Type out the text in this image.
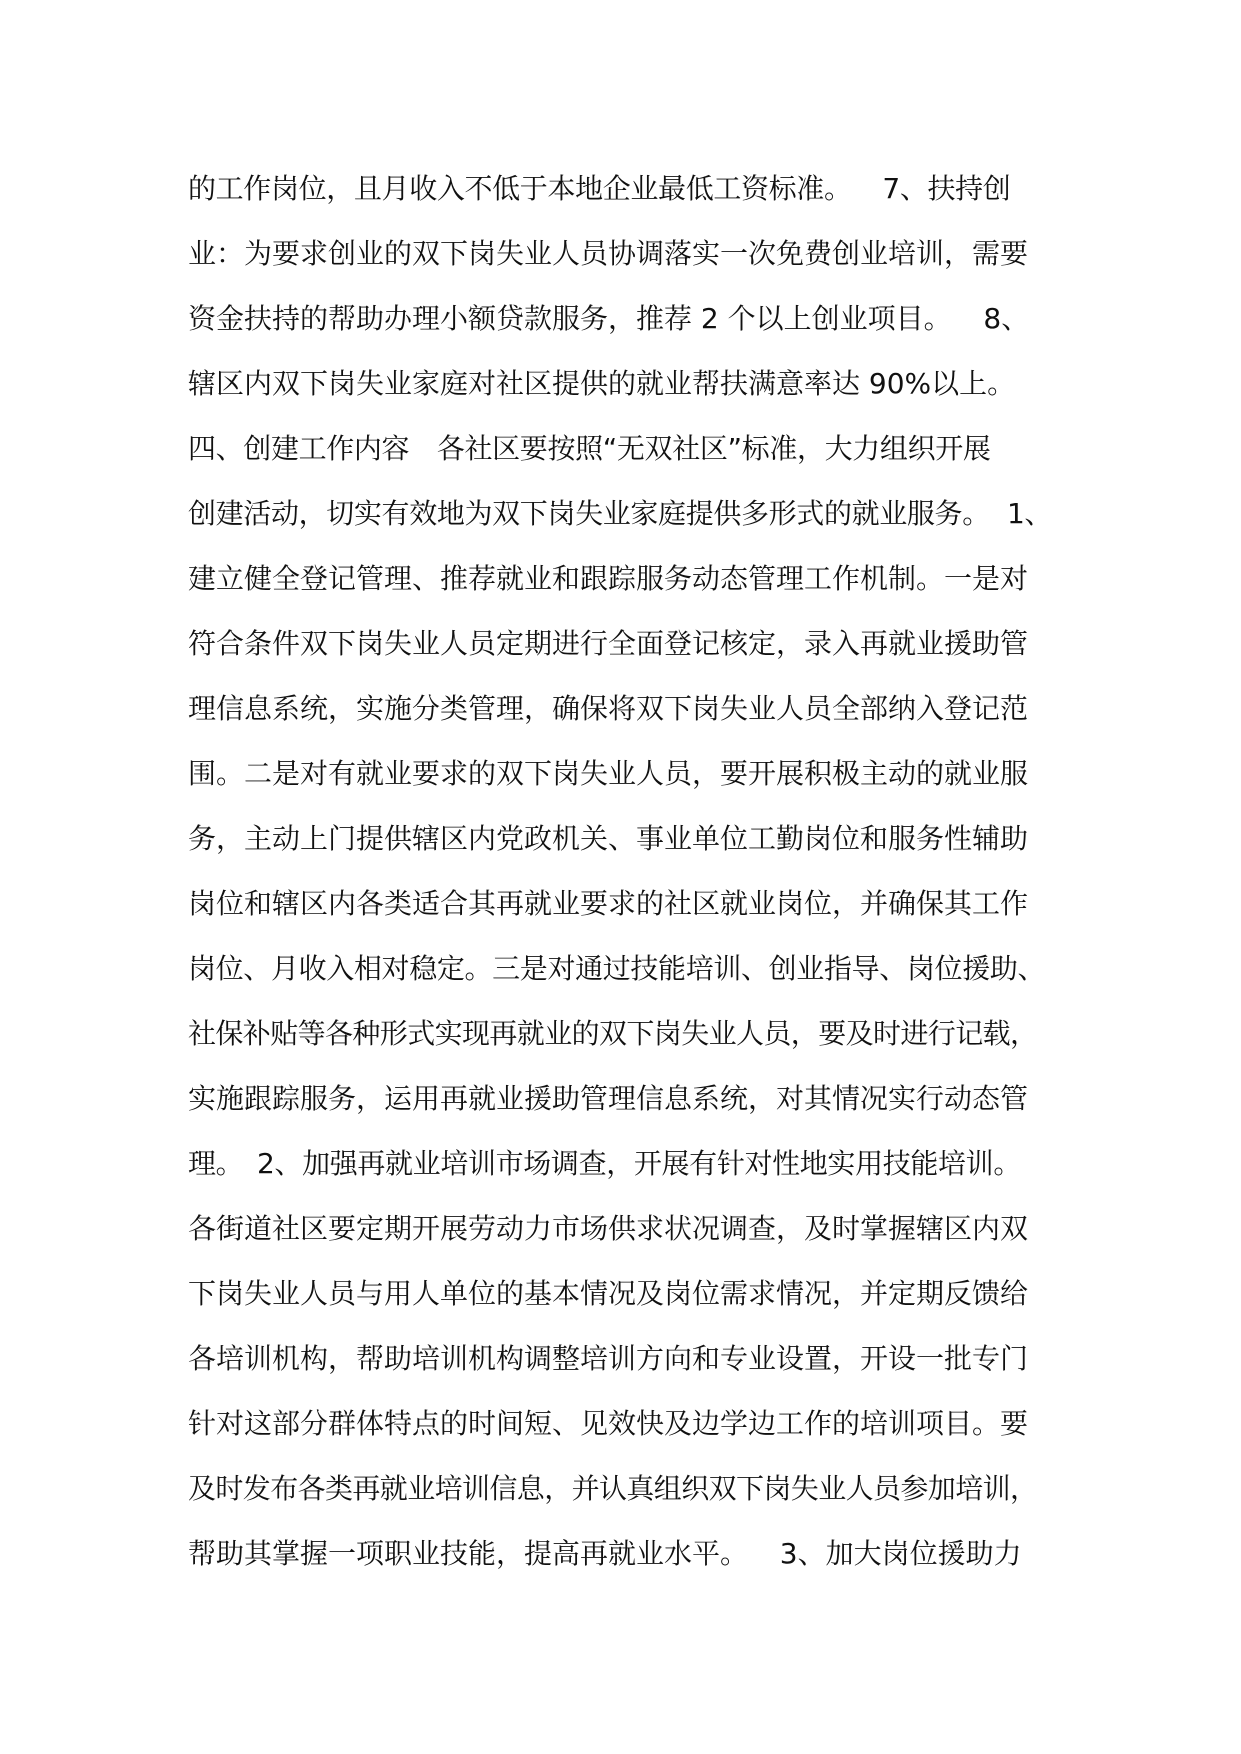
的工作岗位，且月收入不低于本地企业最低工资标准。　  7、扶持创
业：为要求创业的双下岗失业人员协调落实一次免费创业培训，需要
资金扶持的帮助办理小额贷款服务，推荐 2 个以上创业项目。　  8、
辖区内双下岗失业家庭对社区提供的就业帮扶满意率达 90%以上。
四、创建工作内容　各社区要按照“无双社区”标准，大力组织开展
创建活动，切实有效地为双下岗失业家庭提供多形式的就业服务。  1、
建立健全登记管理、推荐就业和跟踪服务动态管理工作机制。一是对
符合条件双下岗失业人员定期进行全面登记核定，录入再就业援助管
理信息系统，实施分类管理，确保将双下岗失业人员全部纳入登记范
围。二是对有就业要求的双下岗失业人员，要开展积极主动的就业服
务，主动上门提供辖区内党政机关、事业单位工勤岗位和服务性辅助
岗位和辖区内各类适合其再就业要求的社区就业岗位，并确保其工作
岗位、月收入相对稳定。三是对通过技能培训、创业指导、岗位援助、
社保补贴等各种形式实现再就业的双下岗失业人员，要及时进行记载，
实施跟踪服务，运用再就业援助管理信息系统，对其情况实行动态管
理。　2、加强再就业培训市场调查，开展有针对性地实用技能培训。
各街道社区要定期开展劳动力市场供求状况调查，及时掌握辖区内双
下岗失业人员与用人单位的基本情况及岗位需求情况，并定期反馈给
各培训机构，帮助培训机构调整培训方向和专业设置，开设一批专门
针对这部分群体特点的时间短、见效快及边学边工作的培训项目。要
及时发布各类再就业培训信息，并认真组织双下岗失业人员参加培训，
帮助其掌握一项职业技能，提高再就业水平。　  3、加大岗位援助力
